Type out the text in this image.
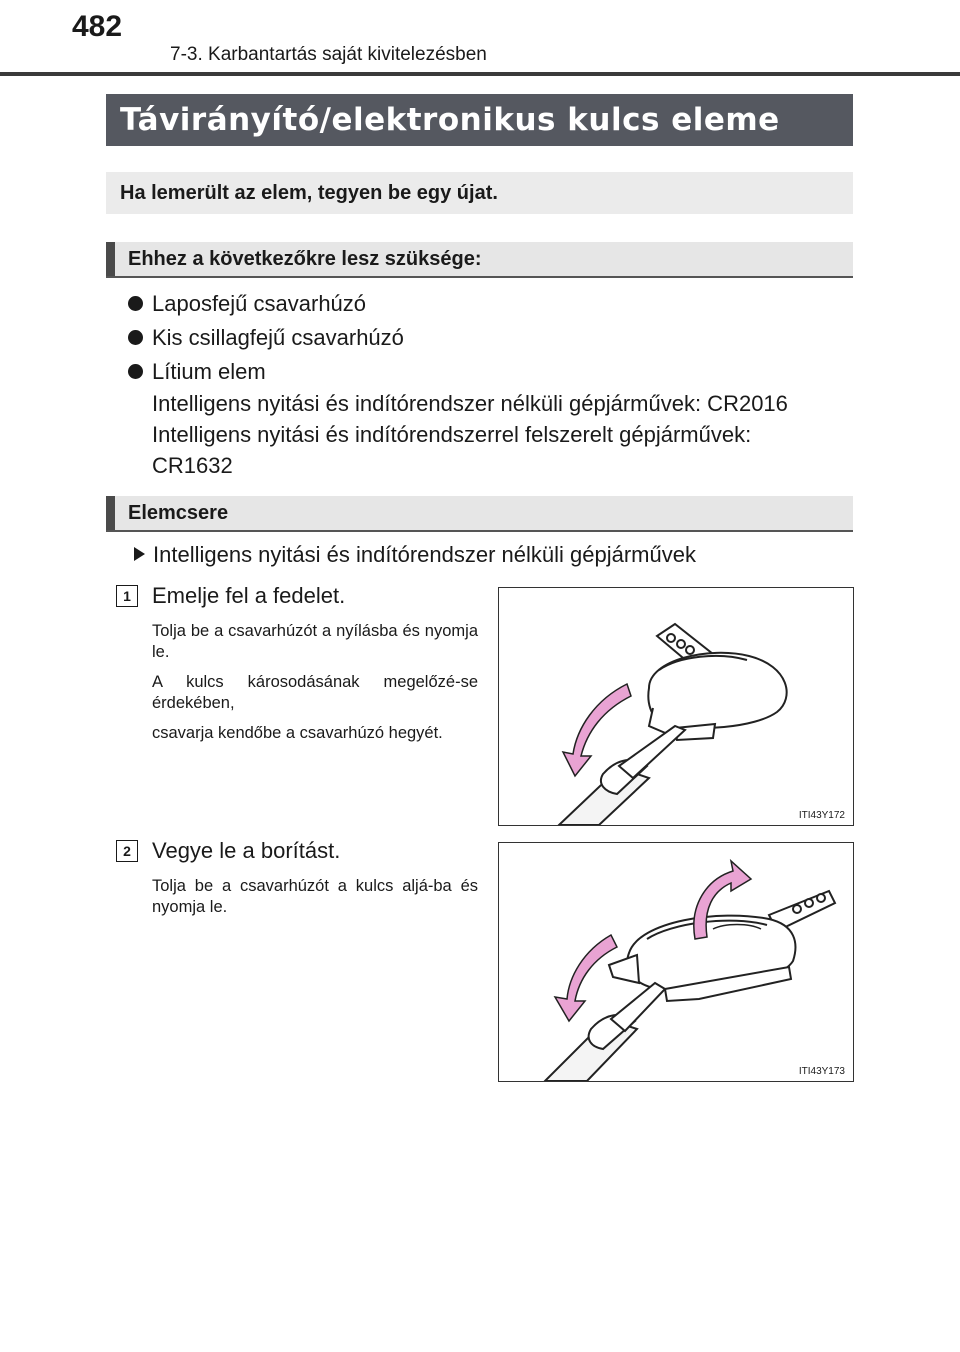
482
7-3. Karbantartás saját kivitelezésben
Távirányító/elektronikus kulcs eleme

Ha lemerült az elem, tegyen be egy újat.

Ehhez a következőkre lesz szüksége:
Laposfejű csavarhúzó
Kis csillagfejű csavarhúzó
Lítium elem
Intelligens nyitási és indítórendszer nélküli gépjárművek: CR2016
Intelligens nyitási és indítórendszerrel felszerelt gépjárművek:
CR1632
Elemcsere
Intelligens nyitási és indítórendszer nélküli gépjárművek
1 Emelje fel a fedelet.

Tolja be a csavarhúzót a nyílásba és nyomja le.

A kulcs károsodásának megelőzé-se érdekében,

csavarja kendőbe a csavarhúzó hegyét.

ITI43Y172
2 Vegye le a borítást.

Tolja be a csavarhúzót a kulcs aljá-ba és nyomja le.

ITI43Y173
